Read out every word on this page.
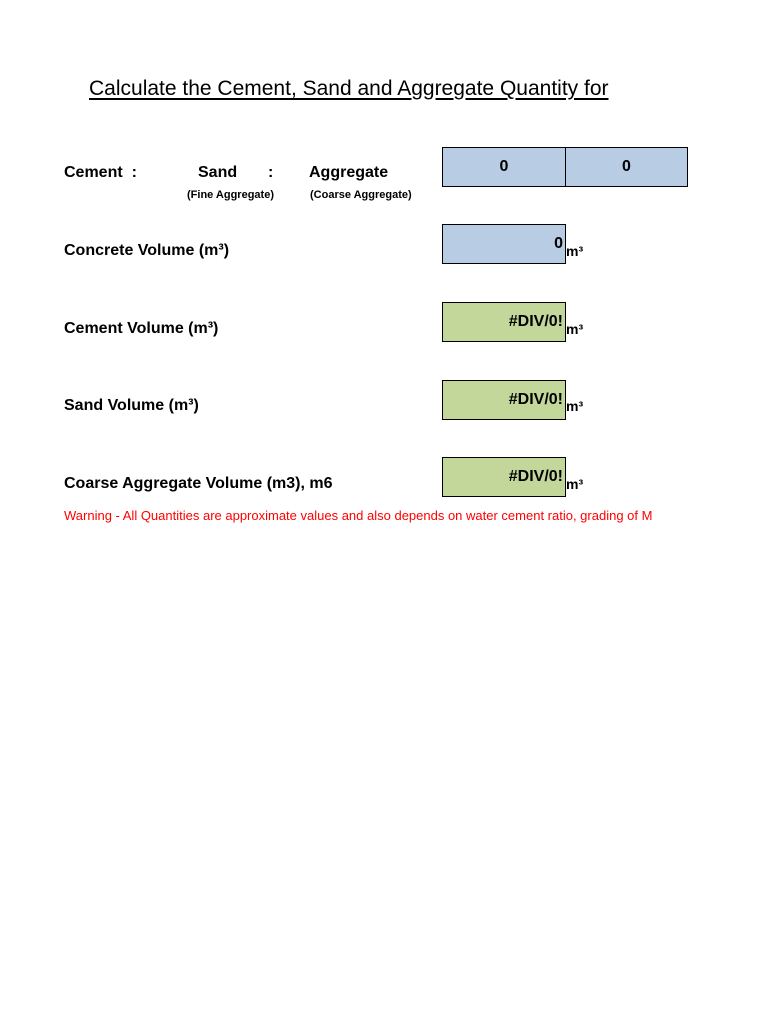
Calculate the Cement, Sand and Aggregate Quantity for
Cement :	Sand : Aggregate
(Fine Aggregate)	(Coarse Aggregate)
0	0
Concrete Volume (m³)	0 m³
Cement Volume (m³)	#DIV/0! m³
Sand Volume (m³)	#DIV/0! m³
Coarse Aggregate Volume (m3), m6	#DIV/0! m³
Warning - All Quantities are approximate values and also depends on water cement ratio, grading of M
